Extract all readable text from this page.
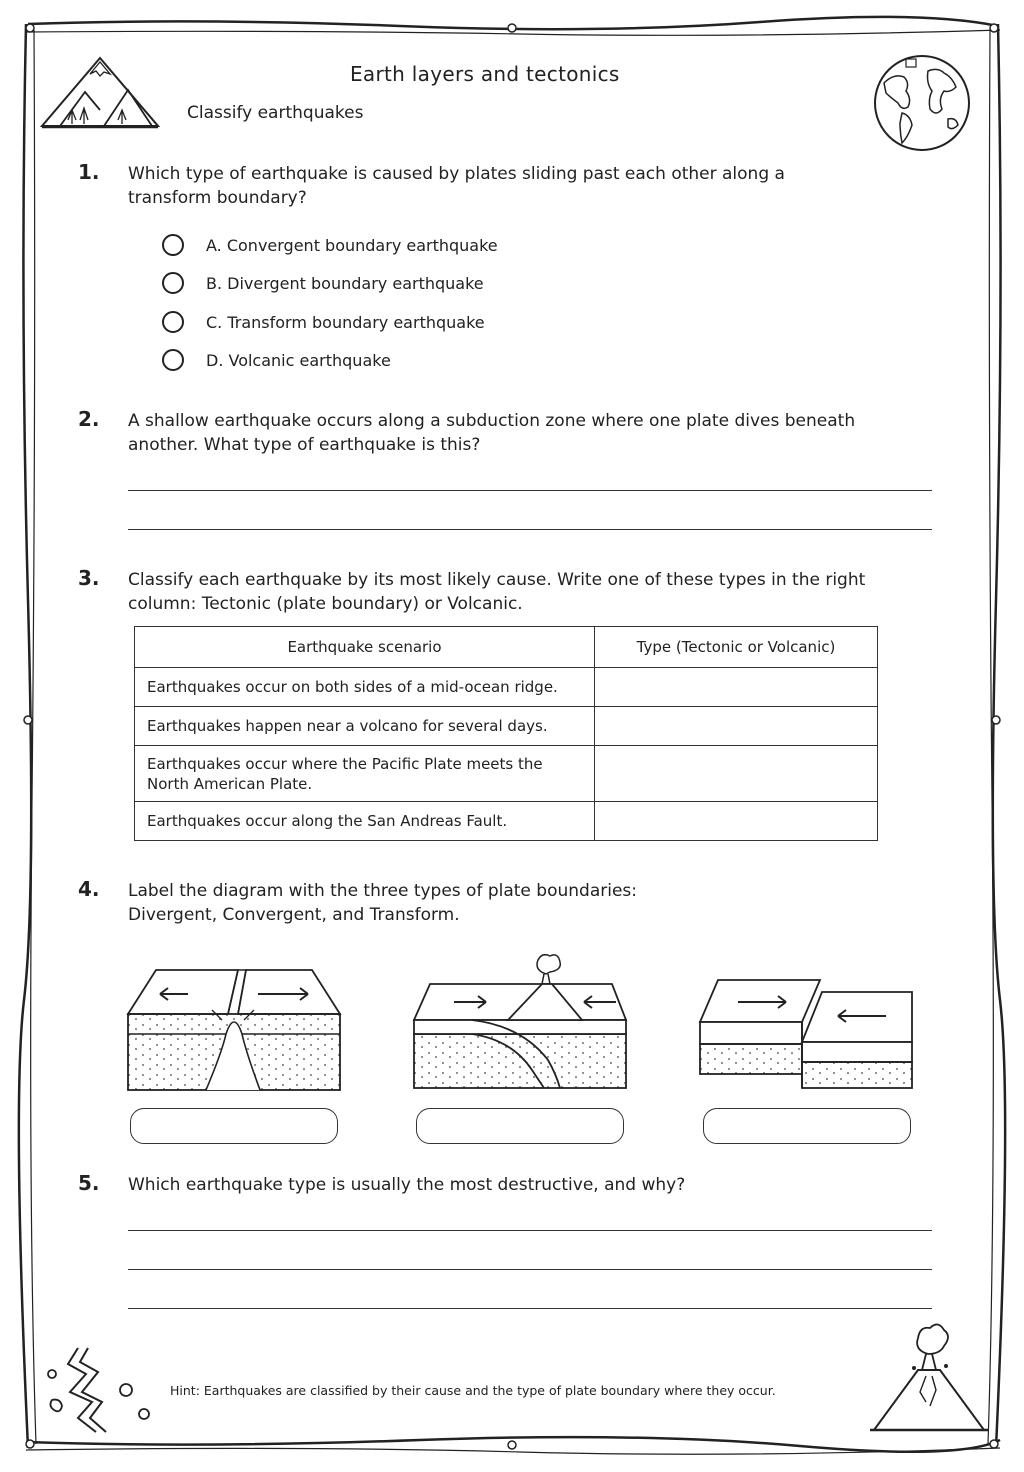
Earth layers and tectonics
Classify earthquakes
1. Which type of earthquake is caused by plates sliding past each other along a transform boundary?
A. Convergent boundary earthquake
B. Divergent boundary earthquake
C. Transform boundary earthquake
D. Volcanic earthquake
2. A shallow earthquake occurs along a subduction zone where one plate dives beneath another. What type of earthquake is this?
3. Classify each earthquake by its most likely cause. Write one of these types in the right column: Tectonic (plate boundary) or Volcanic.
Earthquake scenario	Type (Tectonic or Volcanic)
Earthquakes occur on both sides of a mid-ocean ridge.	
Earthquakes happen near a volcano for several days.	
Earthquakes occur where the Pacific Plate meets the North American Plate.	
Earthquakes occur along the San Andreas Fault.	
4. Label the diagram with the three types of plate boundaries:
Divergent, Convergent, and Transform.
5. Which earthquake type is usually the most destructive, and why?
Hint: Earthquakes are classified by their cause and the type of plate boundary where they occur.
